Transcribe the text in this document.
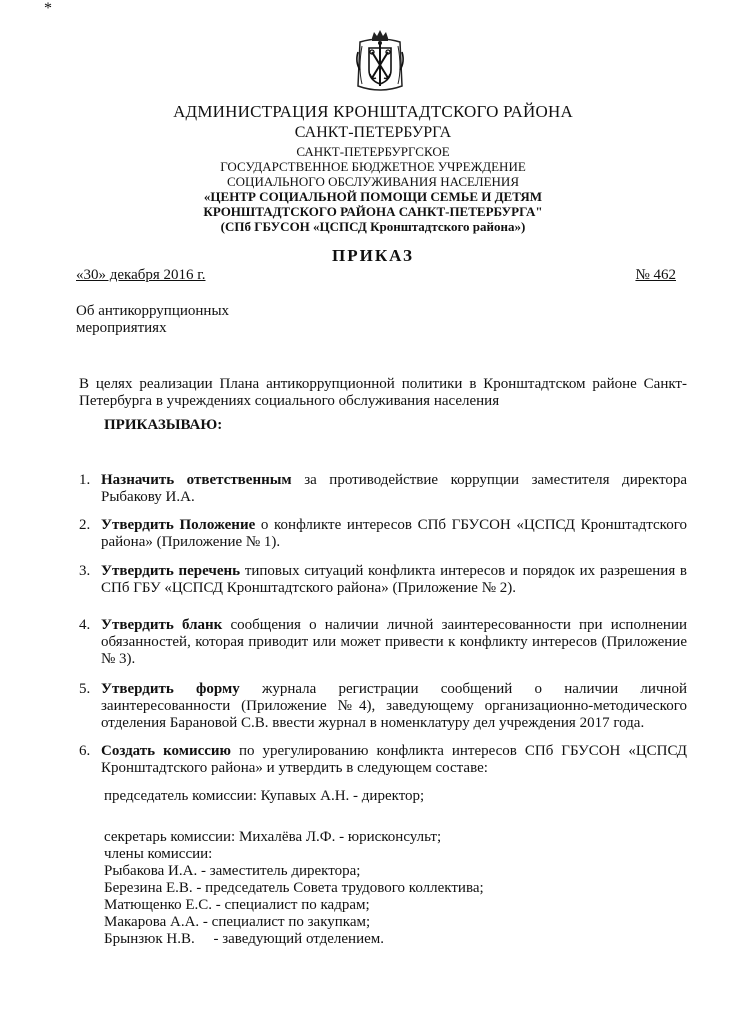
*
АДМИНИСТРАЦИЯ КРОНШТАДТСКОГО РАЙОНА
САНКТ-ПЕТЕРБУРГА
САНКТ-ПЕТЕРБУРГСКОЕ
ГОСУДАРСТВЕННОЕ БЮДЖЕТНОЕ УЧРЕЖДЕНИЕ
СОЦИАЛЬНОГО ОБСЛУЖИВАНИЯ НАСЕЛЕНИЯ
«ЦЕНТР СОЦИАЛЬНОЙ ПОМОЩИ СЕМЬЕ И ДЕТЯМ
КРОНШТАДТСКОГО РАЙОНА САНКТ-ПЕТЕРБУРГА"
(СПб ГБУСОН «ЦСПСД Кронштадтского района»)
ПРИКАЗ
«30» декабря 2016 г.	№ 462
Об антикоррупционных
мероприятиях
В целях реализации Плана антикоррупционной политики в Кронштадтском районе Санкт-Петербурга в учреждениях социального обслуживания населения
ПРИКАЗЫВАЮ:
1. Назначить ответственным за противодействие коррупции заместителя директора Рыбакову И.А.
2. Утвердить Положение о конфликте интересов СПб ГБУСОН «ЦСПСД Кронштадтского района» (Приложение № 1).
3. Утвердить перечень типовых ситуаций конфликта интересов и порядок их разрешения в СПб ГБУ «ЦСПСД Кронштадтского района» (Приложение № 2).
4. Утвердить бланк сообщения о наличии личной заинтересованности при исполнении обязанностей, которая приводит или может привести к конфликту интересов (Приложение № 3).
5. Утвердить форму журнала регистрации сообщений о наличии личной заинтересованности (Приложение №4), заведующему организационно-методического отделения Барановой С.В. ввести журнал в номенклатуру дел учреждения 2017 года.
6. Создать комиссию по урегулированию конфликта интересов СПб ГБУСОН «ЦСПСД Кронштадтского района» и утвердить в следующем составе:
председатель комиссии: Купавых А.Н. - директор;
секретарь комиссии: Михалёва Л.Ф. - юрисконсульт;
члены комиссии:
Рыбакова И.А. - заместитель директора;
Березина Е.В. - председатель Совета трудового коллектива;
Матющенко Е.С. - специалист по кадрам;
Макарова А.А. - специалист по закупкам;
Брынзюк Н.В.     - заведующий отделением.
